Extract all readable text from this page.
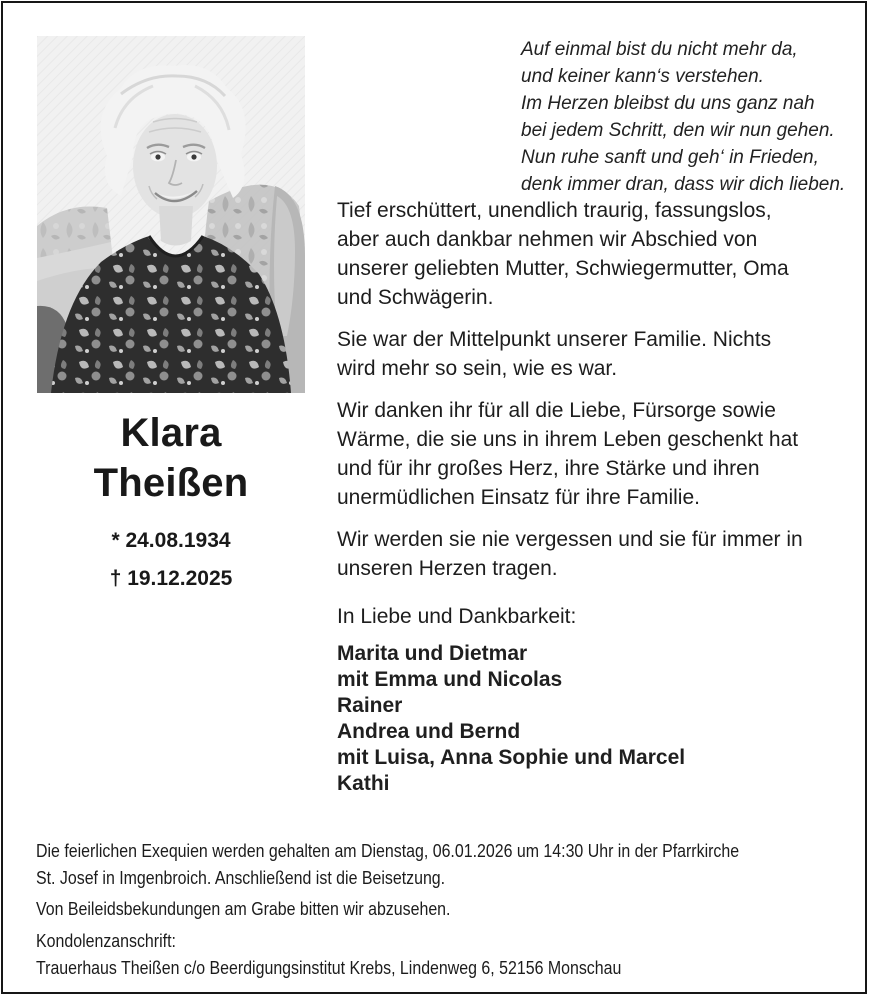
Klara
Theißen
* 24.08.1934
† 19.12.2025
Auf einmal bist du nicht mehr da,
und keiner kann‘s verstehen.
Im Herzen bleibst du uns ganz nah
bei jedem Schritt, den wir nun gehen.
Nun ruhe sanft und geh‘ in Frieden,
denk immer dran, dass wir dich lieben.
Tief erschüttert, unendlich traurig, fassungslos,
aber auch dankbar nehmen wir Abschied von
unserer geliebten Mutter, Schwiegermutter, Oma
und Schwägerin.
Sie war der Mittelpunkt unserer Familie. Nichts
wird mehr so sein, wie es war.
Wir danken ihr für all die Liebe, Fürsorge sowie
Wärme, die sie uns in ihrem Leben geschenkt hat
und für ihr großes Herz, ihre Stärke und ihren
unermüdlichen Einsatz für ihre Familie.
Wir werden sie nie vergessen und sie für immer in
unseren Herzen tragen.
In Liebe und Dankbarkeit:
Marita und Dietmar
mit Emma und Nicolas
Rainer
Andrea und Bernd
mit Luisa, Anna Sophie und Marcel
Kathi
Die feierlichen Exequien werden gehalten am Dienstag, 06.01.2026 um 14:30 Uhr in der Pfarrkirche
St. Josef in Imgenbroich. Anschließend ist die Beisetzung.
Von Beileidsbekundungen am Grabe bitten wir abzusehen.
Kondolenzanschrift:
Trauerhaus Theißen c/o Beerdigungsinstitut Krebs, Lindenweg 6, 52156 Monschau
